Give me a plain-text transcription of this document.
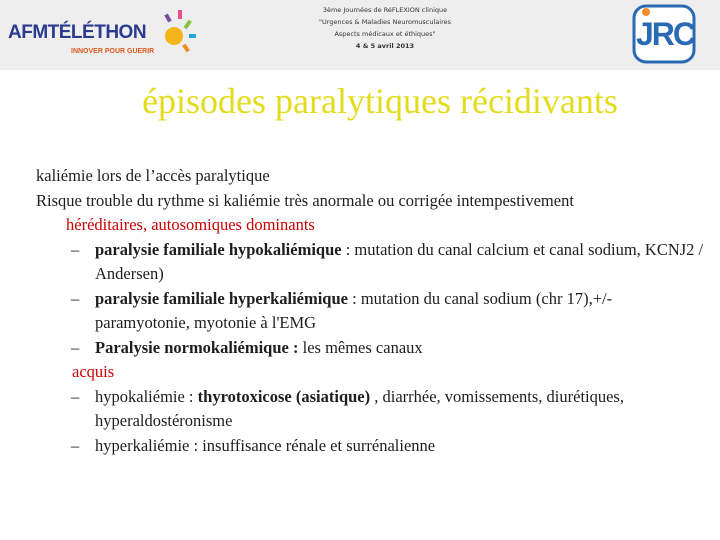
AFMTÉLÉTHON
INNOVER POUR GUERIR
3ème Journées de RéFLEXION clinique
"Urgences & Maladies Neuromusculaires
Aspects médicaux et éthiques"
4 & 5 avril 2013	JRC
épisodes paralytiques récidivants

kaliémie lors de l’accès paralytique

Risque trouble du rythme si kaliémie très anormale ou corrigée intempestivement

héréditaires, autosomiques dominants

– paralysie familiale hypokaliémique : mutation du canal calcium et canal sodium, KCNJ2 / Andersen)

– paralysie familiale hyperkaliémique : mutation du canal sodium (chr 17),+/- paramyotonie, myotonie à l'EMG

– Paralysie normokaliémique : les mêmes canaux

acquis

– hypokaliémie : thyrotoxicose (asiatique) , diarrhée, vomissements, diurétiques, hyperaldostéronisme

– hyperkaliémie : insuffisance rénale et surrénalienne
